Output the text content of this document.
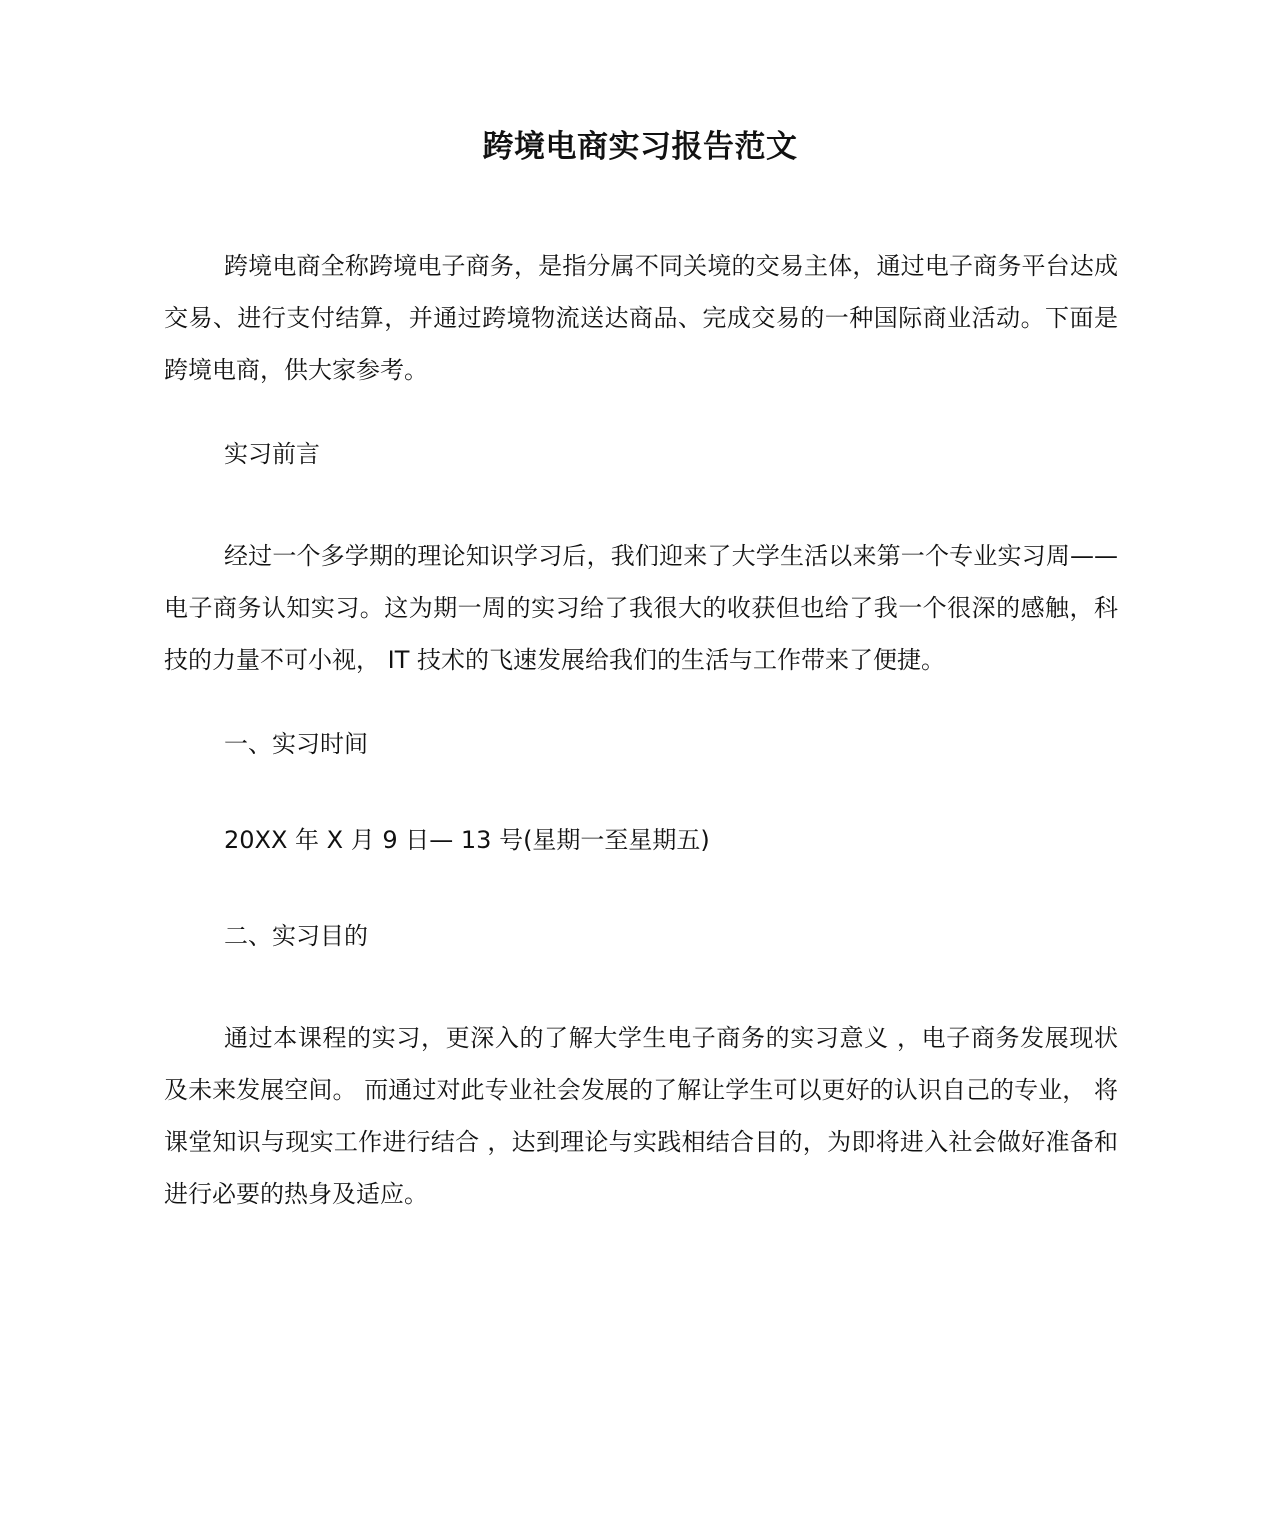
跨境电商实习报告范文

跨境电商全称跨境电子商务，是指分属不同关境的交易主体，通过电子商务平台达成交易、进行支付结算，并通过跨境物流送达商品、完成交易的一种国际商业活动。下面是跨境电商，供大家参考。

实习前言

经过一个多学期的理论知识学习后，我们迎来了大学生活以来第一个专业实习周——电子商务认知实习。这为期一周的实习给了我很大的收获但也给了我一个很深的感触，科技的力量不可小视， IT 技术的飞速发展给我们的生活与工作带来了便捷。

一、实习时间

20XX 年 X 月 9 日— 13 号(星期一至星期五)

二、实习目的

通过本课程的实习，更深入的了解大学生电子商务的实习意义 ，电子商务发展现状及未来发展空间。 而通过对此专业社会发展的了解让学生可以更好的认识自己的专业， 将课堂知识与现实工作进行结合 ，达到理论与实践相结合目的，为即将进入社会做好准备和进行必要的热身及适应。
